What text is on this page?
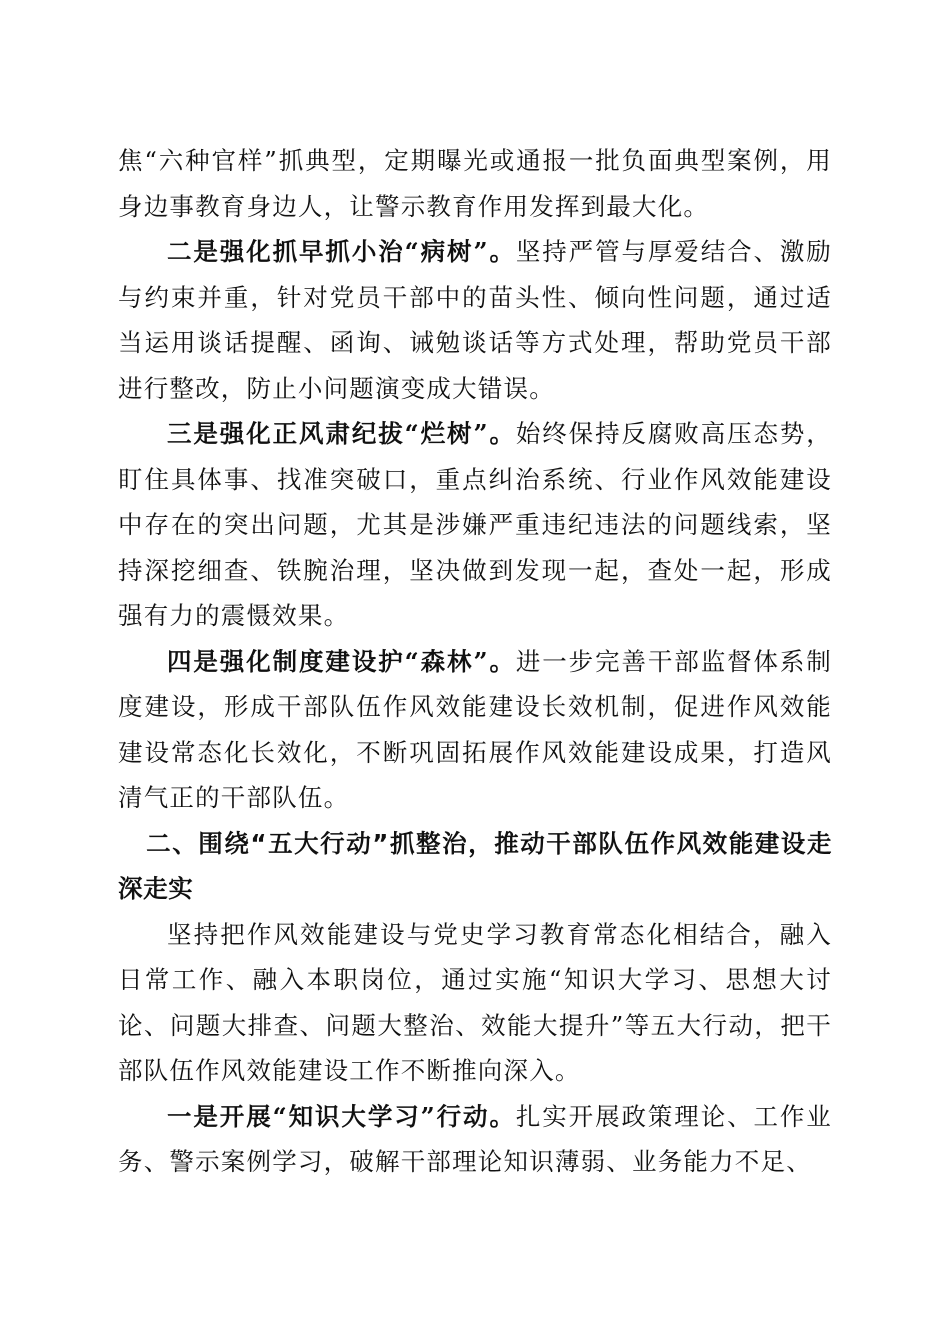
焦“六种官样”抓典型，定期曝光或通报一批负面典型案例，用身边事教育身边人，让警示教育作用发挥到最大化。

二是强化抓早抓小治“病树”。坚持严管与厚爱结合、激励与约束并重，针对党员干部中的苗头性、倾向性问题，通过适当运用谈话提醒、函询、诫勉谈话等方式处理，帮助党员干部进行整改，防止小问题演变成大错误。

三是强化正风肃纪拔“烂树”。始终保持反腐败高压态势，盯住具体事、找准突破口，重点纠治系统、行业作风效能建设中存在的突出问题，尤其是涉嫌严重违纪违法的问题线索，坚持深挖细查、铁腕治理，坚决做到发现一起，查处一起，形成强有力的震慑效果。

四是强化制度建设护“森林”。进一步完善干部监督体系制度建设，形成干部队伍作风效能建设长效机制，促进作风效能建设常态化长效化，不断巩固拓展作风效能建设成果，打造风清气正的干部队伍。

二、围绕“五大行动”抓整治，推动干部队伍作风效能建设走深走实

坚持把作风效能建设与党史学习教育常态化相结合，融入日常工作、融入本职岗位，通过实施“知识大学习、思想大讨论、问题大排查、问题大整治、效能大提升”等五大行动，把干部队伍作风效能建设工作不断推向深入。

一是开展“知识大学习”行动。扎实开展政策理论、工作业务、警示案例学习，破解干部理论知识薄弱、业务能力不足、
